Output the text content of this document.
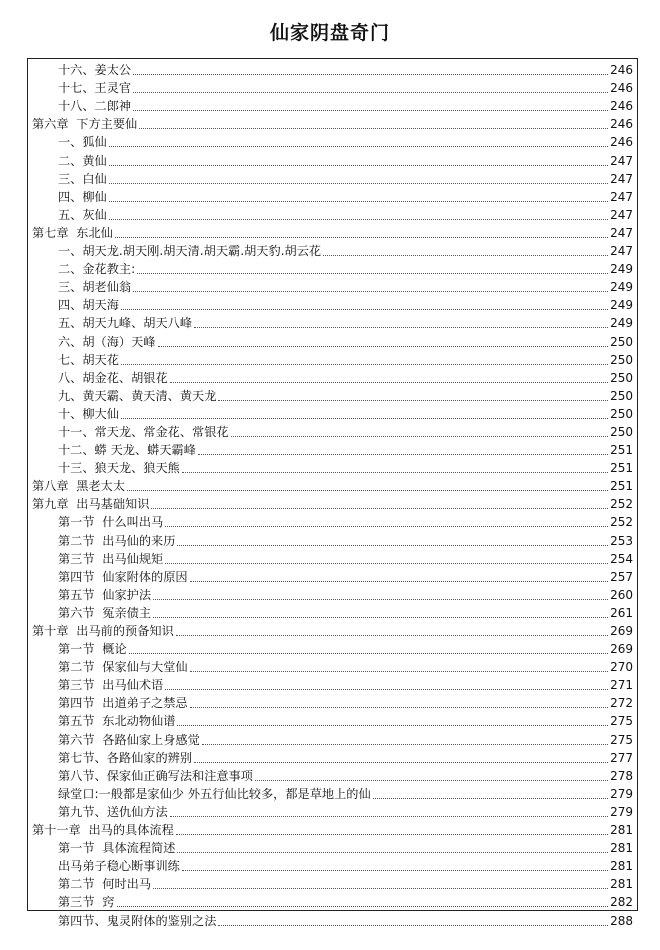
仙家阴盘奇门
十六、姜太公	246
十七、王灵官	246
十八、二郎神	246
第六章  下方主要仙	246
一、狐仙	246
二、黄仙	247
三、白仙	247
四、柳仙	247
五、灰仙	247
第七章  东北仙	247
一、胡天龙.胡天刚.胡天清.胡天霸.胡天豹.胡云花	247
二、金花教主:	249
三、胡老仙翁	249
四、胡天海	249
五、胡天九峰、胡天八峰	249
六、胡（海）天峰	250
七、胡天花	250
八、胡金花、胡银花	250
九、黄天霸、黄天清、黄天龙	250
十、柳大仙	250
十一、常天龙、常金花、常银花	250
十二、蟒 天龙、蟒天霸峰	251
十三、狼天龙、狼天熊	251
第八章  黑老太太	251
第九章  出马基础知识	252
第一节  什么叫出马	252
第二节  出马仙的来历	253
第三节  出马仙规矩	254
第四节  仙家附体的原因	257
第五节  仙家护法	260
第六节  冤亲债主	261
第十章  出马前的预备知识	269
第一节  概论	269
第二节  保家仙与大堂仙	270
第三节  出马仙术语	271
第四节  出道弟子之禁忌	272
第五节  东北动物仙谱	275
第六节  各路仙家上身感觉	275
第七节、各路仙家的辨别	277
第八节、保家仙正确写法和注意事项	278
绿堂口:一般都是家仙少 外五行仙比较多，都是草地上的仙	279
第九节、送仇仙方法	279
第十一章  出马的具体流程	281
第一节  具体流程简述	281
出马弟子稳心断事训练	281
第二节  何时出马	281
第三节  窍	282
第四节、鬼灵附体的鉴别之法	288
